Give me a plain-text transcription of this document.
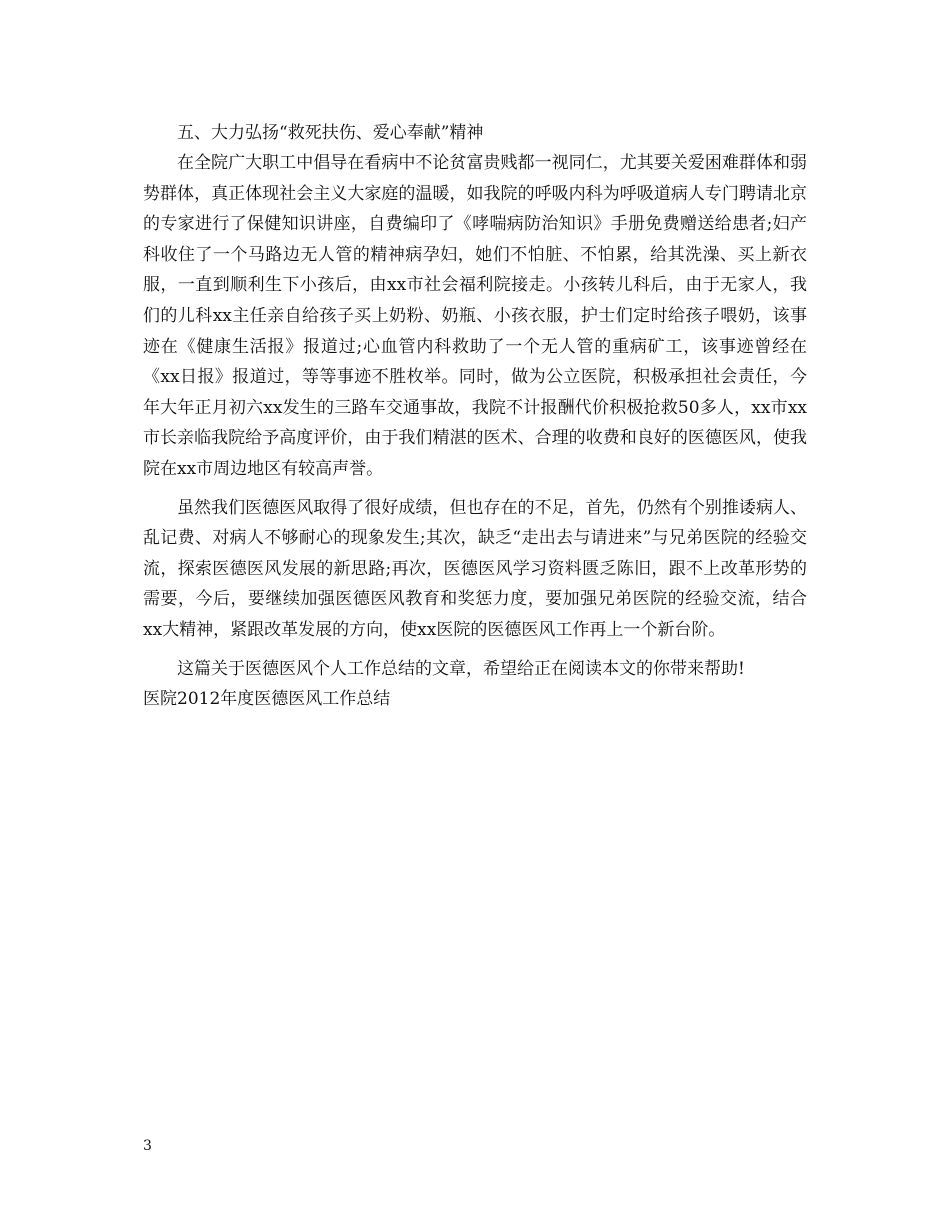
五、大力弘扬“救死扶伤、爱心奉献”精神

在全院广大职工中倡导在看病中不论贫富贵贱都一视同仁，尤其要关爱困难群体和弱势群体，真正体现社会主义大家庭的温暖，如我院的呼吸内科为呼吸道病人专门聘请北京的专家进行了保健知识讲座，自费编印了《哮喘病防治知识》手册免费赠送给患者;妇产科收住了一个马路边无人管的精神病孕妇，她们不怕脏、不怕累，给其洗澡、买上新衣服，一直到顺利生下小孩后，由xx市社会福利院接走。小孩转儿科后，由于无家人，我们的儿科xx主任亲自给孩子买上奶粉、奶瓶、小孩衣服，护士们定时给孩子喂奶，该事迹在《健康生活报》报道过;心血管内科救助了一个无人管的重病矿工，该事迹曾经在《xx日报》报道过，等等事迹不胜枚举。同时，做为公立医院，积极承担社会责任，今年大年正月初六xx发生的三路车交通事故，我院不计报酬代价积极抢救50多人，xx市xx市长亲临我院给予高度评价，由于我们精湛的医术、合理的收费和良好的医德医风，使我院在xx市周边地区有较高声誉。

虽然我们医德医风取得了很好成绩，但也存在的不足，首先，仍然有个别推诿病人、乱记费、对病人不够耐心的现象发生;其次，缺乏“走出去与请进来”与兄弟医院的经验交流，探索医德医风发展的新思路;再次，医德医风学习资料匮乏陈旧，跟不上改革形势的需要，今后，要继续加强医德医风教育和奖惩力度，要加强兄弟医院的经验交流，结合xx大精神，紧跟改革发展的方向，使xx医院的医德医风工作再上一个新台阶。

这篇关于医德医风个人工作总结的文章，希望给正在阅读本文的你带来帮助!

医院2012年度医德医风工作总结

3
